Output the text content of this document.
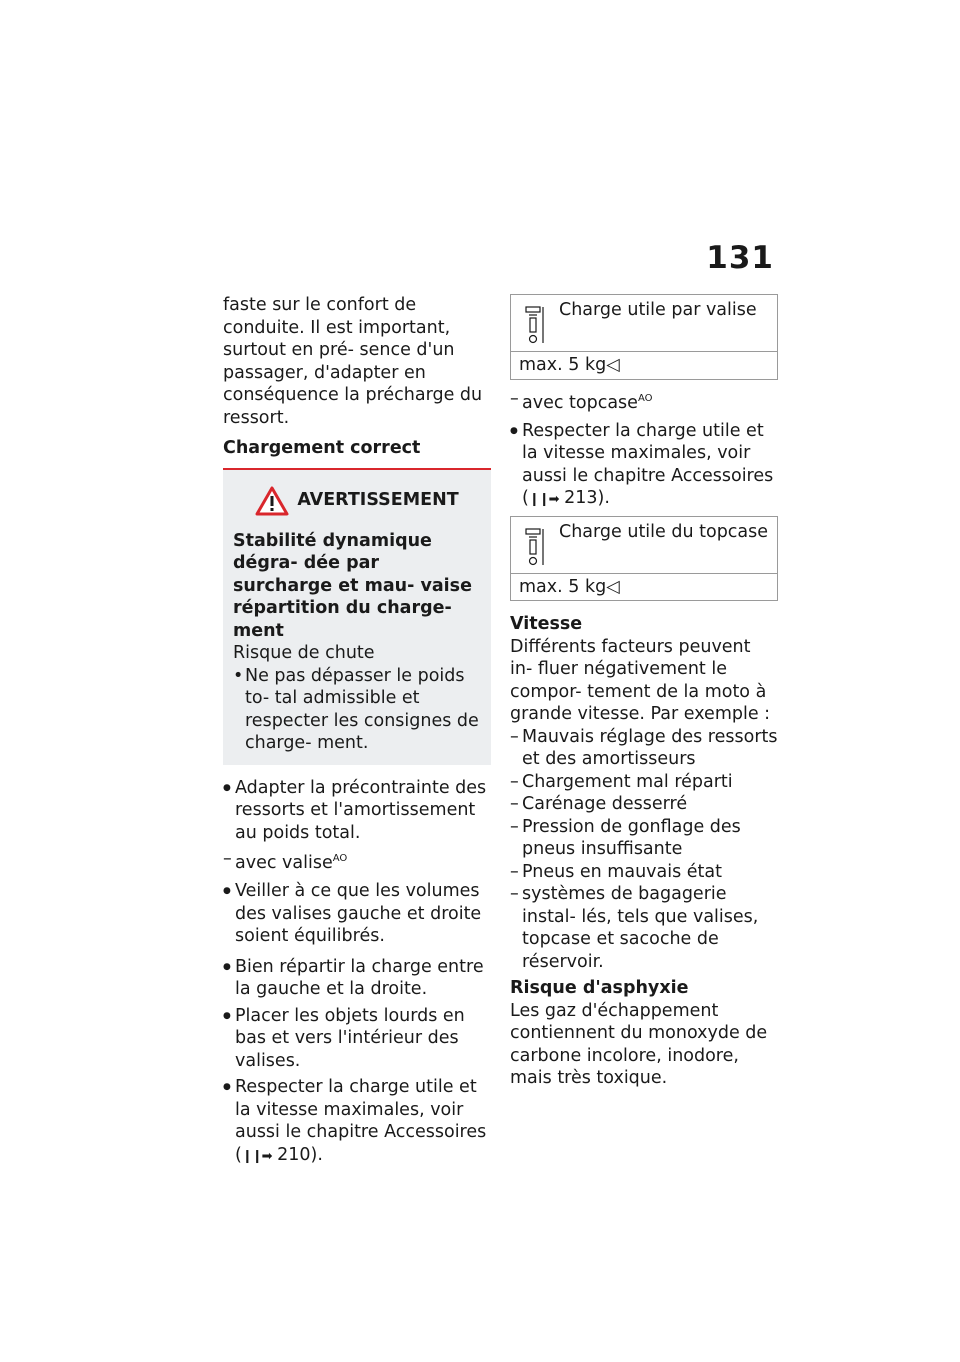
131

faste sur le confort de conduite. Il est important, surtout en pré- sence d'un passager, d'adapter en conséquence la précharge du ressort.

Chargement correct
AVERTISSEMENT
Stabilité dynamique dégra- dée par surcharge et mau- vaise répartition du charge- ment
Risque de chute
• Ne pas dépasser le poids to- tal admissible et respecter les consignes de charge- ment.
● Adapter la précontrainte des ressorts et l'amortissement au poids total.
– avec valise$^{AO}$
● Veiller à ce que les volumes des valises gauche et droite soient équilibrés.
● Bien répartir la charge entre la gauche et la droite.
● Placer les objets lourds en bas et vers l'intérieur des valises.
● Respecter la charge utile et la vitesse maximales, voir aussi le chapitre Accessoires (❙❙➡ 210).
Charge utile par valise
max. 5 kg◁
– avec topcase$^{AO}$
● Respecter la charge utile et la vitesse maximales, voir aussi le chapitre Accessoires (❙❙➡ 213).
Charge utile du topcase
max. 5 kg◁
Vitesse
Différents facteurs peuvent in- fluer négativement le compor- tement de la moto à grande vitesse. Par exemple :
– Mauvais réglage des ressorts et des amortisseurs
– Chargement mal réparti
– Carénage desserré
– Pression de gonflage des pneus insuffisante
– Pneus en mauvais état
– systèmes de bagagerie instal- lés, tels que valises, topcase et sacoche de réservoir.
Risque d'asphyxie
Les gaz d'échappement contiennent du monoxyde de carbone incolore, inodore, mais très toxique.
